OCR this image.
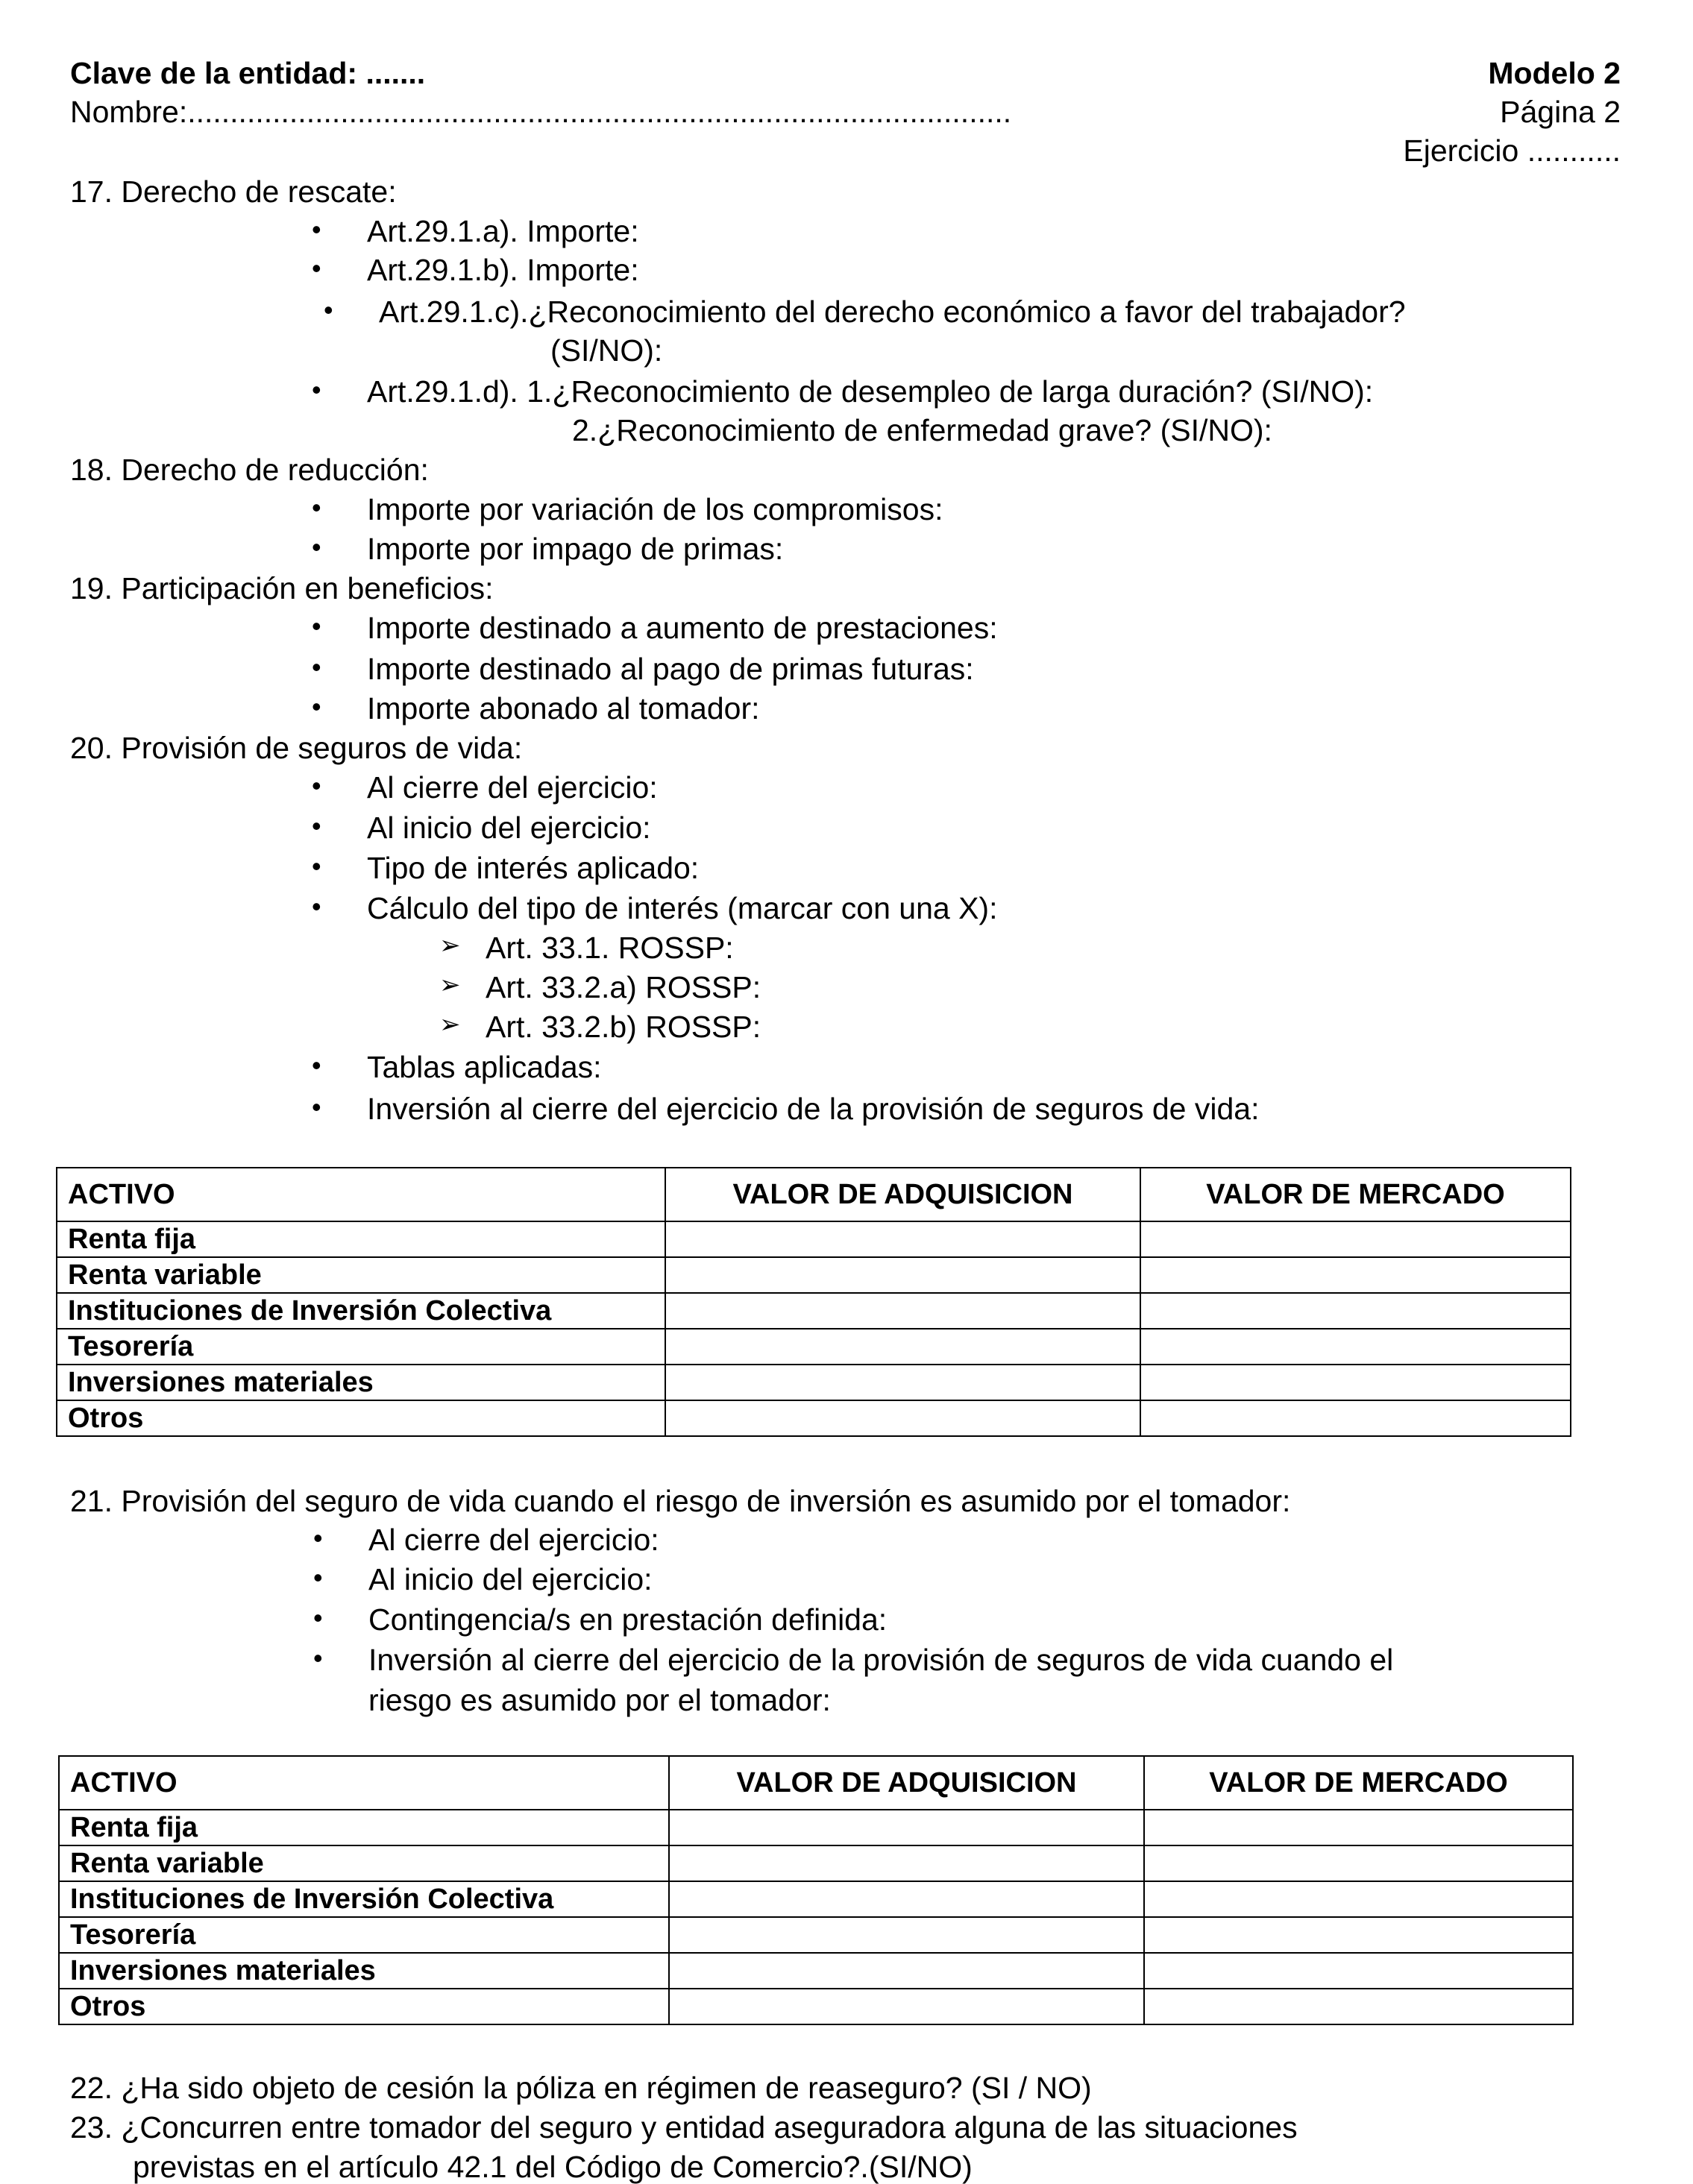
Clave de la entidad: .......
Nombre:.................................................................................................
Modelo 2
Página 2
Ejercicio ...........
17. Derecho de rescate:
• Art.29.1.a). Importe:
• Art.29.1.b). Importe:
• Art.29.1.c).¿Reconocimiento del derecho económico a favor del trabajador?
(SI/NO):
• Art.29.1.d). 1.¿Reconocimiento de desempleo de larga duración? (SI/NO):
2.¿Reconocimiento de enfermedad grave? (SI/NO):
18. Derecho de reducción:
• Importe por variación de los compromisos:
• Importe por impago de primas:
19. Participación en beneficios:
• Importe destinado a aumento de prestaciones:
• Importe destinado al pago de primas futuras:
• Importe abonado al tomador:
20. Provisión de seguros de vida:
• Al cierre del ejercicio:
• Al inicio del ejercicio:
• Tipo de interés aplicado:
• Cálculo del tipo de interés (marcar con una X):
➢ Art. 33.1. ROSSP:
➢ Art. 33.2.a) ROSSP:
➢ Art. 33.2.b) ROSSP:
• Tablas aplicadas:
• Inversión al cierre del ejercicio de la provisión de seguros de vida:
ACTIVO	VALOR DE ADQUISICION	VALOR DE MERCADO
Renta fija		
Renta variable		
Instituciones de Inversión Colectiva		
Tesorería		
Inversiones materiales		
Otros		
21. Provisión del seguro de vida cuando el riesgo de inversión es asumido por el tomador:
• Al cierre del ejercicio:
• Al inicio del ejercicio:
• Contingencia/s en prestación definida:
• Inversión al cierre del ejercicio de la provisión de seguros de vida cuando el
riesgo es asumido por el tomador:
ACTIVO	VALOR DE ADQUISICION	VALOR DE MERCADO
Renta fija		
Renta variable		
Instituciones de Inversión Colectiva		
Tesorería		
Inversiones materiales		
Otros		
22. ¿Ha sido objeto de cesión la póliza en régimen de reaseguro? (SI / NO)
23. ¿Concurren entre tomador del seguro y entidad aseguradora alguna de las situaciones
previstas en el artículo 42.1 del Código de Comercio?.(SI/NO)
